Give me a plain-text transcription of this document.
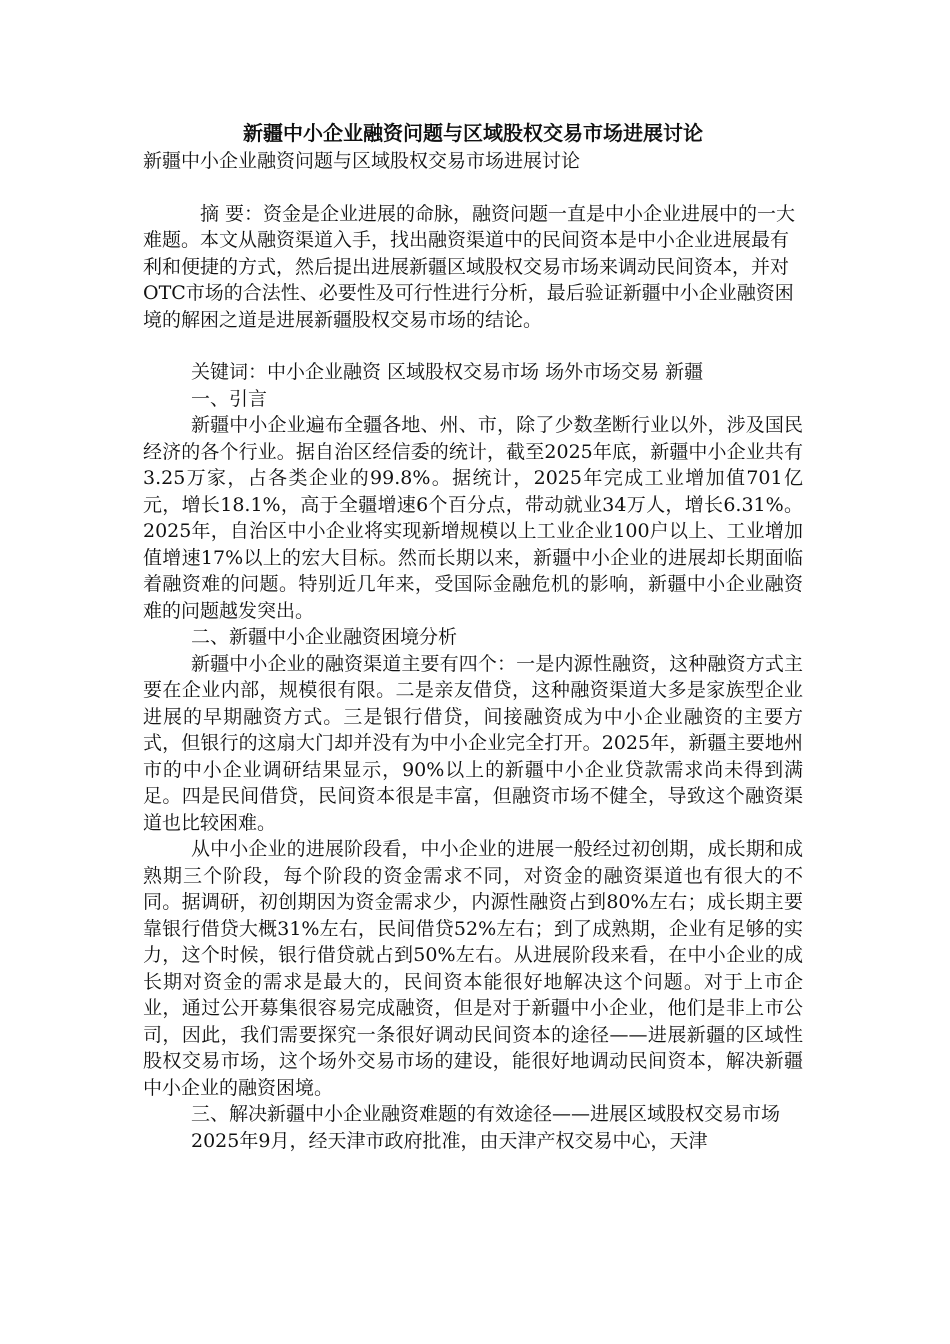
新疆中小企业融资问题与区域股权交易市场进展讨论

新疆中小企业融资问题与区域股权交易市场进展讨论

摘 要：资金是企业进展的命脉，融资问题一直是中小企业进展中的一大难题。本文从融资渠道入手，找出融资渠道中的民间资本是中小企业进展最有利和便捷的方式，然后提出进展新疆区域股权交易市场来调动民间资本，并对OTC市场的合法性、必要性及可行性进行分析，最后验证新疆中小企业融资困境的解困之道是进展新疆股权交易市场的结论。

关键词：中小企业融资 区域股权交易市场 场外市场交易 新疆

一、引言

新疆中小企业遍布全疆各地、州、市，除了少数垄断行业以外，涉及国民经济的各个行业。据自治区经信委的统计，截至2025年底，新疆中小企业共有3.25万家，占各类企业的99.8%。据统计，2025年完成工业增加值701亿元，增长18.1%，高于全疆增速6个百分点，带动就业34万人，增长6.31%。2025年，自治区中小企业将实现新增规模以上工业企业100户以上、工业增加值增速17%以上的宏大目标。然而长期以来，新疆中小企业的进展却长期面临着融资难的问题。特别近几年来，受国际金融危机的影响，新疆中小企业融资难的问题越发突出。

二、新疆中小企业融资困境分析

新疆中小企业的融资渠道主要有四个：一是内源性融资，这种融资方式主要在企业内部，规模很有限。二是亲友借贷，这种融资渠道大多是家族型企业进展的早期融资方式。三是银行借贷，间接融资成为中小企业融资的主要方式，但银行的这扇大门却并没有为中小企业完全打开。2025年，新疆主要地州市的中小企业调研结果显示，90%以上的新疆中小企业贷款需求尚未得到满足。四是民间借贷，民间资本很是丰富，但融资市场不健全，导致这个融资渠道也比较困难。

从中小企业的进展阶段看，中小企业的进展一般经过初创期，成长期和成熟期三个阶段，每个阶段的资金需求不同，对资金的融资渠道也有很大的不同。据调研，初创期因为资金需求少，内源性融资占到80%左右；成长期主要靠银行借贷大概31%左右，民间借贷52%左右；到了成熟期，企业有足够的实力，这个时候，银行借贷就占到50%左右。从进展阶段来看，在中小企业的成长期对资金的需求是最大的，民间资本能很好地解决这个问题。对于上市企业，通过公开募集很容易完成融资，但是对于新疆中小企业，他们是非上市公司，因此，我们需要探究一条很好调动民间资本的途径——进展新疆的区域性股权交易市场，这个场外交易市场的建设，能很好地调动民间资本，解决新疆中小企业的融资困境。

三、解决新疆中小企业融资难题的有效途径——进展区域股权交易市场

2025年9月，经天津市政府批准，由天津产权交易中心，天津
